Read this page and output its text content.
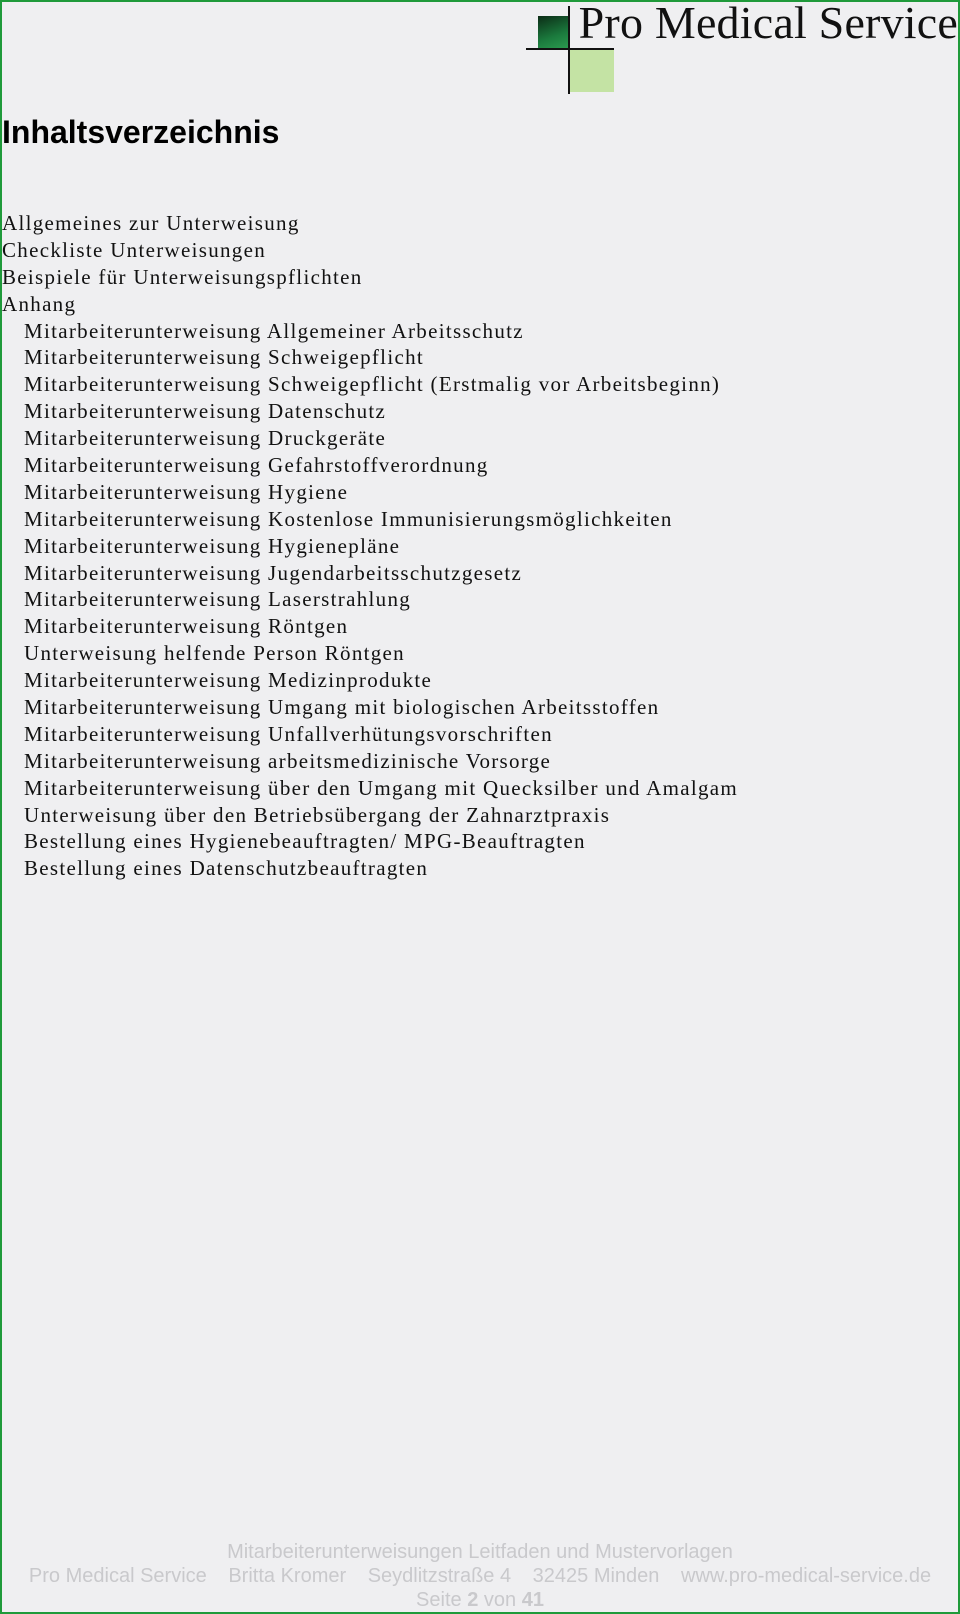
Pro Medical Service
Inhaltsverzeichnis
Allgemeines zur Unterweisung
Checkliste Unterweisungen
Beispiele für Unterweisungspflichten
Anhang
Mitarbeiterunterweisung Allgemeiner Arbeitsschutz
Mitarbeiterunterweisung Schweigepflicht
Mitarbeiterunterweisung Schweigepflicht (Erstmalig vor Arbeitsbeginn)
Mitarbeiterunterweisung Datenschutz
Mitarbeiterunterweisung Druckgeräte
Mitarbeiterunterweisung Gefahrstoffverordnung
Mitarbeiterunterweisung Hygiene
Mitarbeiterunterweisung Kostenlose Immunisierungsmöglichkeiten
Mitarbeiterunterweisung Hygienepläne
Mitarbeiterunterweisung Jugendarbeitsschutzgesetz
Mitarbeiterunterweisung Laserstrahlung
Mitarbeiterunterweisung Röntgen
Unterweisung helfende Person Röntgen
Mitarbeiterunterweisung Medizinprodukte
Mitarbeiterunterweisung Umgang mit biologischen Arbeitsstoffen
Mitarbeiterunterweisung Unfallverhütungsvorschriften
Mitarbeiterunterweisung arbeitsmedizinische Vorsorge
Mitarbeiterunterweisung über den Umgang mit Quecksilber und Amalgam
Unterweisung über den Betriebsübergang der Zahnarztpraxis
Bestellung eines Hygienebeauftragten/ MPG-Beauftragten
Bestellung eines Datenschutzbeauftragten
Mitarbeiterunterweisungen Leitfaden und Mustervorlagen
Pro Medical Service Britta Kromer Seydlitzstraße 4 32425 Minden www.pro-medical-service.de
Seite 2 von 41
